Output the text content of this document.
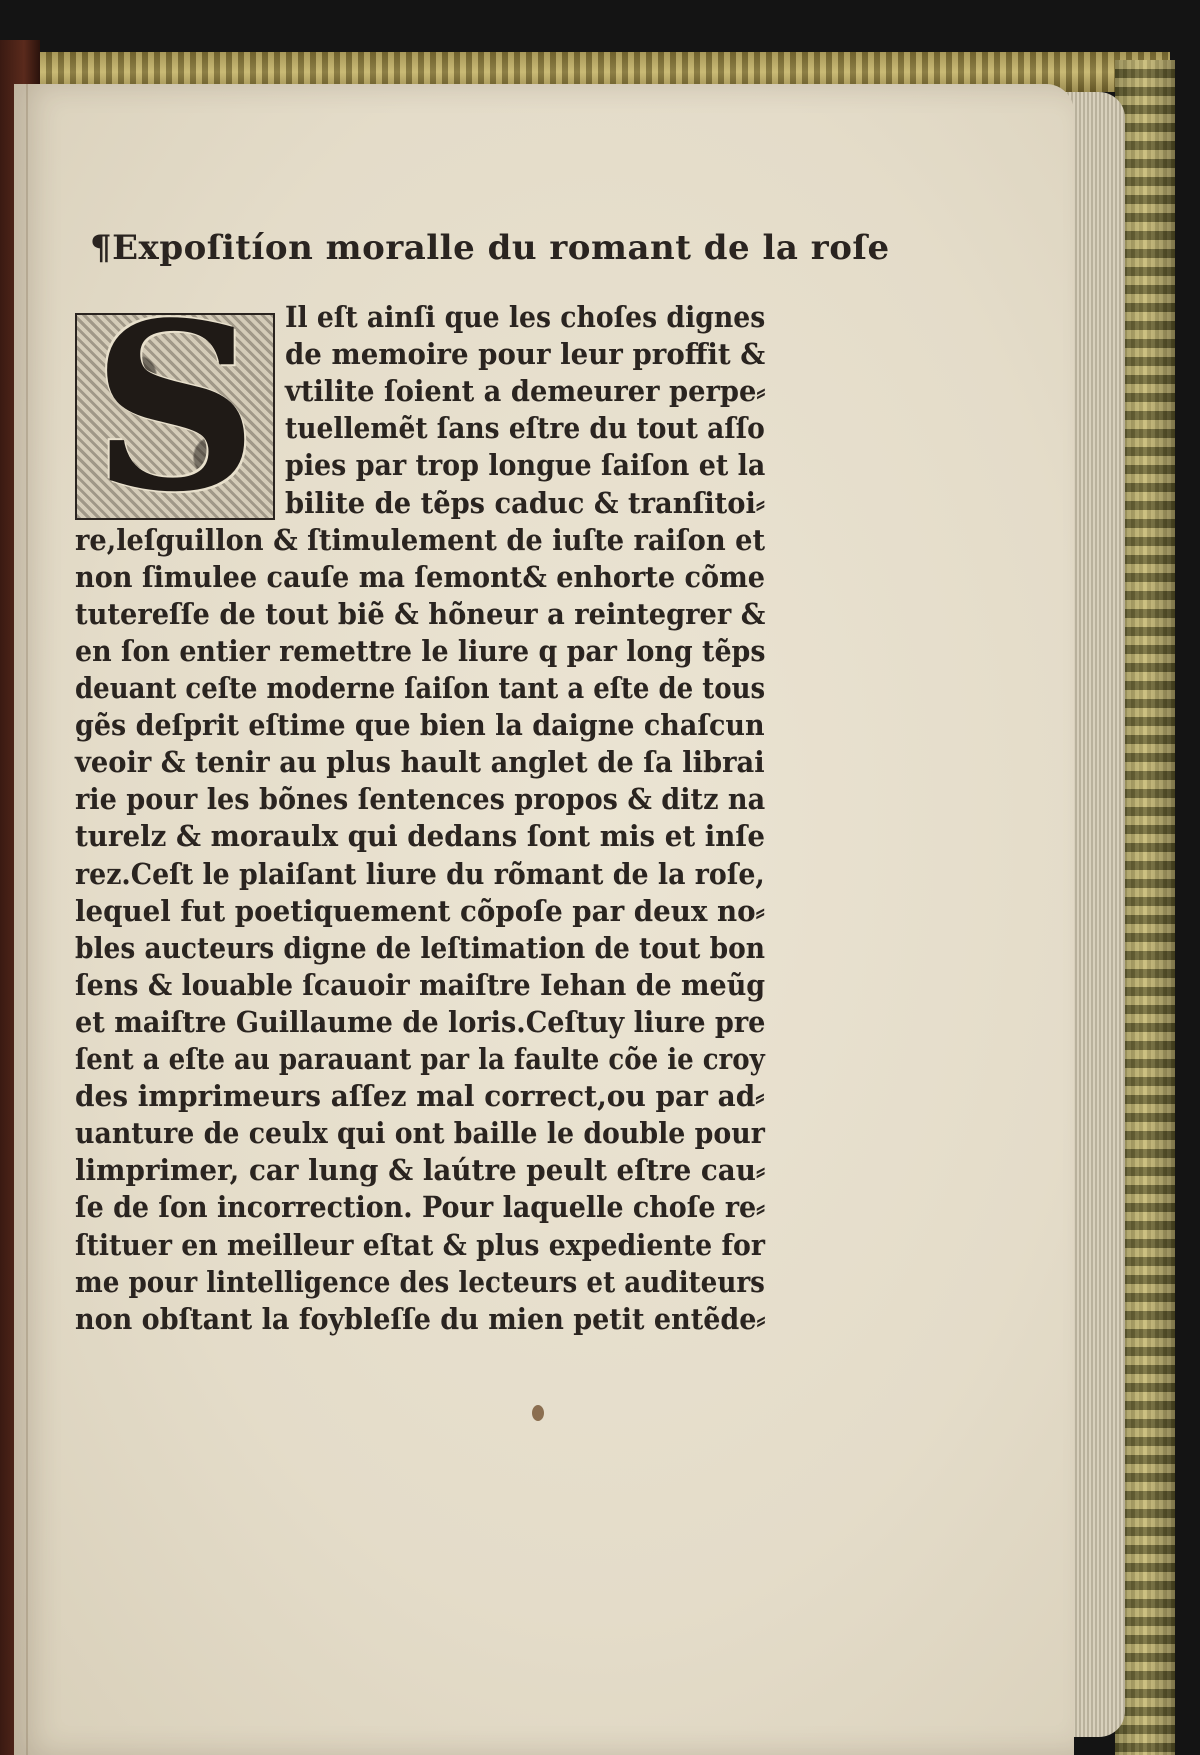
¶Expoſitíon moralle du romant de la roſe
S Il eſt ainſi que les choſes dignes
de memoire pour leur proffit &
vtilite ſoient a demeurer perpe⸗
tuellemẽt ſans eſtre du tout aſſo
pies par trop longue ſaiſon et la
bilite de tẽps caduc & tranſitoi⸗
re,leſguillon & ſtimulement de iuſte raiſon et
non ſimulee cauſe ma ſemont& enhorte cõme
tutereſſe de tout biẽ & hõneur a reintegrer &
en ſon entier remettre le liure q par long tẽps
deuant ceſte moderne ſaiſon tant a eſte de tous
gẽs deſprit eſtime que bien la daigne chaſcun
veoir & tenir au plus hault anglet de ſa librai
rie pour les bõnes ſentences propos & ditz na
turelz & moraulx qui dedans ſont mis et inſe
rez.Ceſt le plaiſant liure du rõmant de la roſe,
lequel fut poetiquement cõpoſe par deux no⸗
bles aucteurs digne de leſtimation de tout bon
ſens & louable ſcauoir maiſtre Iehan de meũg
et maiſtre Guillaume de loris.Ceſtuy liure pre
ſent a eſte au parauant par la faulte cõe ie croy
des imprimeurs aſſez mal correct,ou par ad⸗
uanture de ceulx qui ont baille le double pour
limprimer, car lung & laútre peult eſtre cau⸗
ſe de ſon incorrection. Pour laquelle choſe re⸗
ſtituer en meilleur eſtat & plus expediente for
me pour lintelligence des lecteurs et auditeurs
non obſtant la foybleſſe du mien petit entẽde⸗
